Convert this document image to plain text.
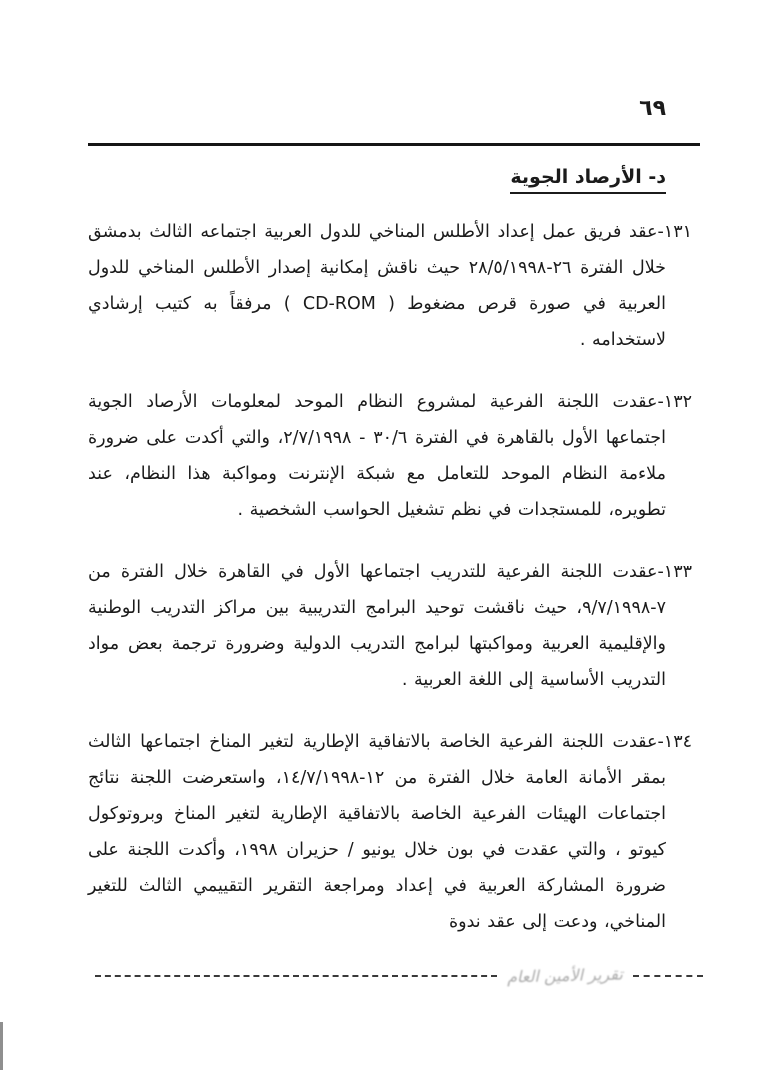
٦٩
د- الأرصاد الجوية

١٣١-عقد فريق عمل إعداد الأطلس المناخي للدول العربية اجتماعه الثالث بدمشق خلال الفترة ٢٦-٢٨/٥/١٩٩٨ حيث ناقش إمكانية إصدار الأطلس المناخي للدول العربية في صورة قرص مضغوط ( CD-ROM ) مرفقاً به كتيب إرشادي لاستخدامه .

١٣٢-عقدت اللجنة الفرعية لمشروع النظام الموحد لمعلومات الأرصاد الجوية اجتماعها الأول بالقاهرة في الفترة ٣٠/٦ - ٢/٧/١٩٩٨، والتي أكدت على ضرورة ملاءمة النظام الموحد للتعامل مع شبكة الإنترنت ومواكبة هذا النظام، عند تطويره، للمستجدات في نظم تشغيل الحواسب الشخصية .

١٣٣-عقدت اللجنة الفرعية للتدريب اجتماعها الأول في القاهرة خلال الفترة من ٧-٩/٧/١٩٩٨، حيث ناقشت توحيد البرامج التدريبية بين مراكز التدريب الوطنية والإقليمية العربية ومواكبتها لبرامج التدريب الدولية وضرورة ترجمة بعض مواد التدريب الأساسية إلى اللغة العربية .

١٣٤-عقدت اللجنة الفرعية الخاصة بالاتفاقية الإطارية لتغير المناخ اجتماعها الثالث بمقر الأمانة العامة خلال الفترة من ١٢-١٤/٧/١٩٩٨، واستعرضت اللجنة نتائج اجتماعات الهيئات الفرعية الخاصة بالاتفاقية الإطارية لتغير المناخ وبروتوكول كيوتو ، والتي عقدت في بون خلال يونيو / حزيران ١٩٩٨، وأكدت اللجنة على ضرورة المشاركة العربية في إعداد ومراجعة التقرير التقييمي الثالث للتغير المناخي، ودعت إلى عقد ندوة

تقرير الأمين العام
